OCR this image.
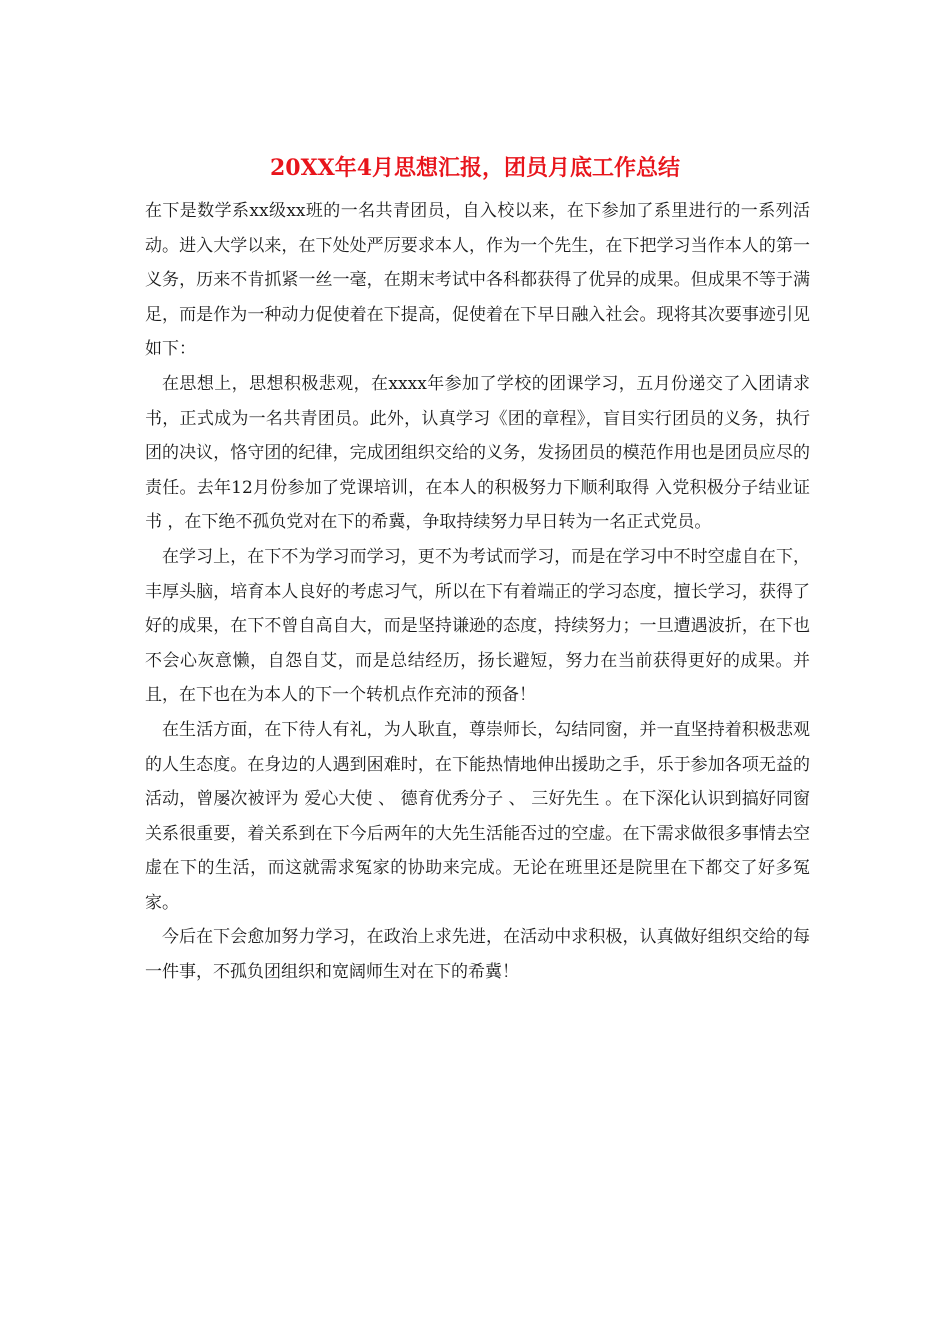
20XX年4月思想汇报，团员月底工作总结

在下是数学系xx级xx班的一名共青团员，自入校以来，在下参加了系里进行的一系列活动。进入大学以来，在下处处严厉要求本人，作为一个先生，在下把学习当作本人的第一义务，历来不肯抓紧一丝一毫，在期末考试中各科都获得了优异的成果。但成果不等于满足，而是作为一种动力促使着在下提高，促使着在下早日融入社会。现将其次要事迹引见如下：

在思想上，思想积极悲观，在xxxx年参加了学校的团课学习，五月份递交了入团请求书，正式成为一名共青团员。此外，认真学习《团的章程》，盲目实行团员的义务，执行团的决议，恪守团的纪律，完成团组织交给的义务，发扬团员的模范作用也是团员应尽的责任。去年12月份参加了党课培训，在本人的积极努力下顺利取得 入党积极分子结业证书 ，在下绝不孤负党对在下的希冀，争取持续努力早日转为一名正式党员。

在学习上，在下不为学习而学习，更不为考试而学习，而是在学习中不时空虚自在下，丰厚头脑，培育本人良好的考虑习气，所以在下有着端正的学习态度，擅长学习，获得了好的成果，在下不曾自高自大，而是坚持谦逊的态度，持续努力；一旦遭遇波折，在下也不会心灰意懒，自怨自艾，而是总结经历，扬长避短，努力在当前获得更好的成果。并且，在下也在为本人的下一个转机点作充沛的预备！

在生活方面，在下待人有礼，为人耿直，尊崇师长，勾结同窗，并一直坚持着积极悲观的人生态度。在身边的人遇到困难时，在下能热情地伸出援助之手，乐于参加各项无益的活动，曾屡次被评为 爱心大使 、 德育优秀分子 、 三好先生 。在下深化认识到搞好同窗关系很重要，着关系到在下今后两年的大先生活能否过的空虚。在下需求做很多事情去空虚在下的生活，而这就需求冤家的协助来完成。无论在班里还是院里在下都交了好多冤家。

今后在下会愈加努力学习，在政治上求先进，在活动中求积极，认真做好组织交给的每一件事，不孤负团组织和宽阔师生对在下的希冀！
